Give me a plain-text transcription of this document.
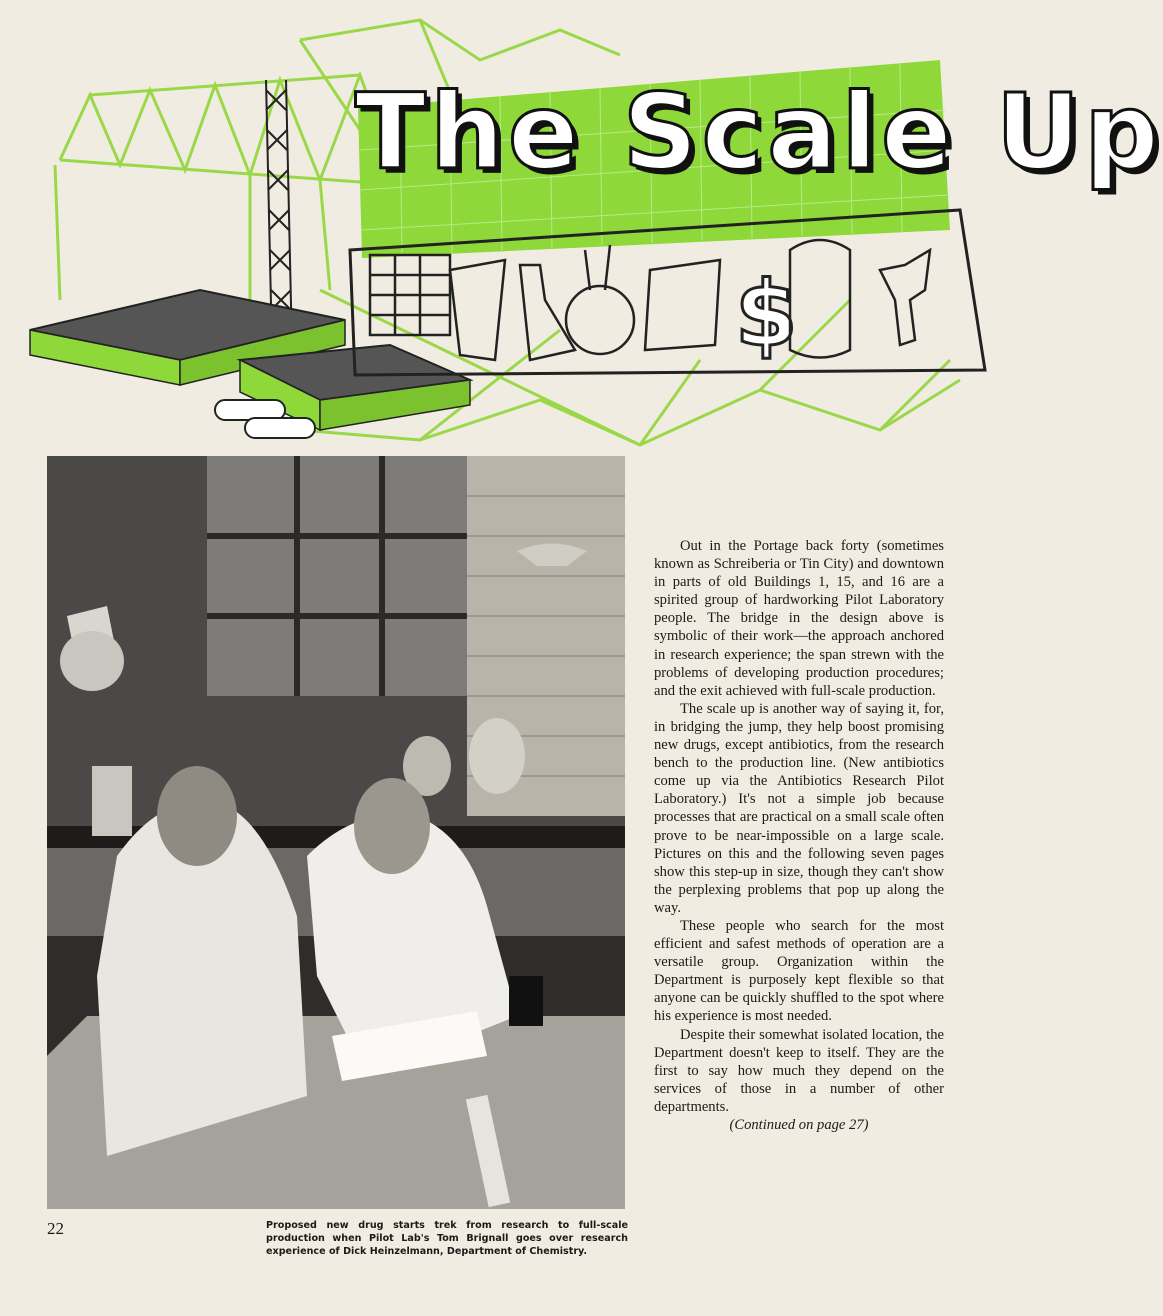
$
The Scale Up

Out in the Portage back forty (sometimes known as Schreiberia or Tin City) and downtown in parts of old Buildings 1, 15, and 16 are a spirited group of hardworking Pilot Laboratory people. The bridge in the design above is symbolic of their work—the approach anchored in research experience; the span strewn with the problems of developing production procedures; and the exit achieved with full-scale production.

The scale up is another way of saying it, for, in bridging the jump, they help boost promising new drugs, except antibiotics, from the research bench to the production line. (New antibiotics come up via the Antibiotics Research Pilot Laboratory.) It's not a simple job because processes that are practical on a small scale often prove to be near-impossible on a large scale. Pictures on this and the following seven pages show this step-up in size, though they can't show the perplexing problems that pop up along the way.

These people who search for the most efficient and safest methods of operation are a versatile group. Organization within the Department is purposely kept flexible so that anyone can be quickly shuffled to the spot where his experience is most needed.

Despite their somewhat isolated location, the Department doesn't keep to itself. They are the first to say how much they depend on the services of those in a number of other departments.

(Continued on page 27)

22	Proposed new drug starts trek from research to full-scale production when Pilot Lab's Tom Brignall goes over research experience of Dick Heinzelmann, Department of Chemistry.
